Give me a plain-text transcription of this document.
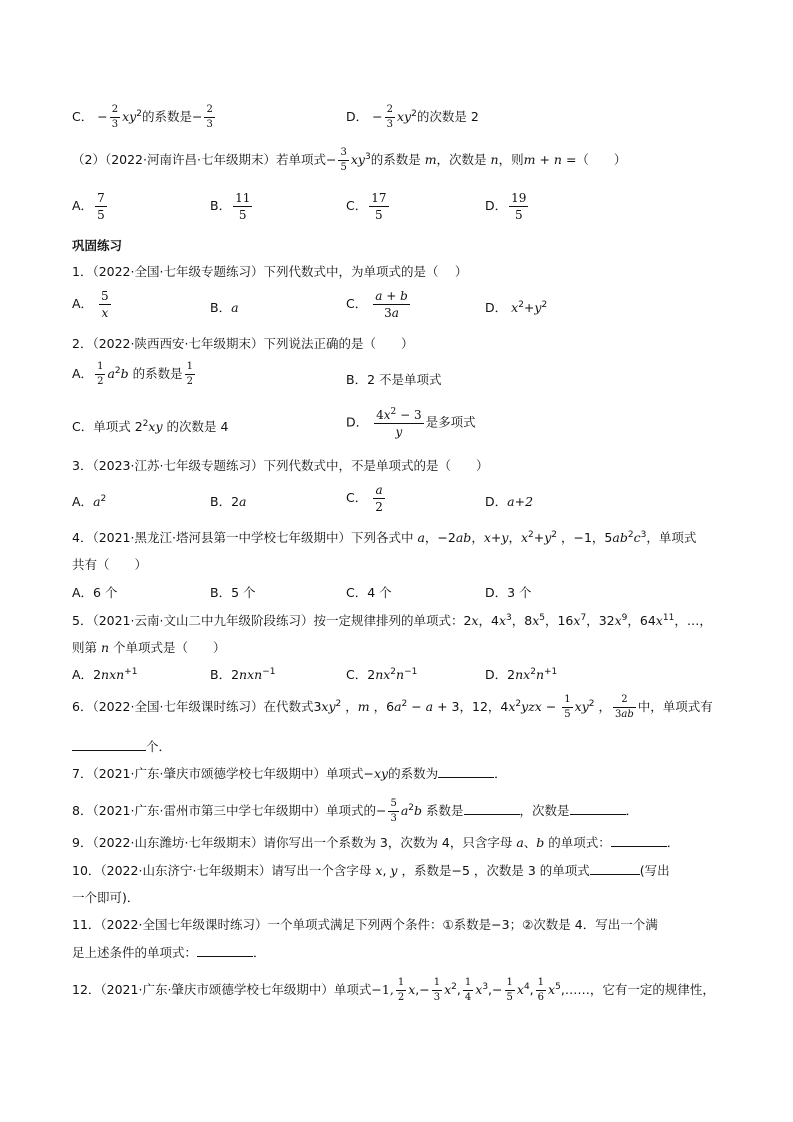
C． − $\frac{2}{3} xy^2$的系数是− $\frac{2}{3}$	D． − $\frac{2}{3} xy^2$的次数是 2
（2）（2022·河南许昌·七年级期末）若单项式− $\frac{3}{5} xy^3$的系数是 m，次数是 n，则m + n =（　　）
A． $\frac{7}{5}$	B． $\frac{11}{5}$	C． $\frac{17}{5}$	D． $\frac{19}{5}$
巩固练习
1．（2022·全国·七年级专题练习）下列代数式中，为单项式的是（　 ）
A． $\frac{5}{x}$	B．a	C． $\frac{a + b}{3a}$	D． $x^2+y^2$
2．（2022·陕西西安·七年级期末）下列说法正确的是（　　）
A． $\frac{1}{2} a^2b$ 的系数是 $\frac{1}{2}$	B．2 不是单项式
C．单项式 $2^2xy$ 的次数是 4	D． $\frac{4x^2 - 3}{y}$ 是多项式
3．（2023·江苏·七年级专题练习）下列代数式中，不是单项式的是（　　）
A．$a^2$	B．2a	C． $\frac{a}{2}$	D．a+2
4．（2021·黑龙江·塔河县第一中学校七年级期中）下列各式中 a，−2ab，x+y，$x^2+y^2$ ，−1，$5ab^2c^3$，单项式
共有（　　）
A．6 个	B．5 个	C．4 个	D．3 个
5．（2021·云南·文山二中九年级阶段练习）按一定规律排列的单项式：2x，$4x^3$，$8x^5$，$16x^7$，$32x^9$，$64x^{11}$，…，
则第 n 个单项式是（　　）
A．2nxn$^{+1}$	B．2nxn$^{-1}$	C．$2nx^2n^{-1}$	D．$2nx^2n^{+1}$
6．（2022·全国·七年级课时练习）在代数式$3xy^2$ ，m ，$6a^2 - a + 3$，12，$4x^2yzx - \frac{1}{5} xy^2$ ， $\frac{2}{3ab}$ 中，单项式有
个．
7．（2021·广东·肇庆市颂德学校七年级期中）单项式−xy的系数为	．
8．（2021·广东·雷州市第三中学七年级期中）单项式的− $\frac{5}{3} a^2b$ 系数是	，次数是	．
9．（2022·山东潍坊·七年级期末）请你写出一个系数为 3，次数为 4，只含字母 a、b 的单项式：	．
10．（2022·山东济宁·七年级期末）请写出一个含字母 x, y ，系数是−5 ，次数是 3 的单项式	(写出
一个即可)．
11．（2022·全国七年级课时练习）一个单项式满足下列两个条件：①系数是−3；②次数是 4．写出一个满
足上述条件的单项式：	．
12．（2021·广东·肇庆市颂德学校七年级期中）单项式−1, $\frac{1}{2} x,- \frac{1}{3} x^2$, $\frac{1}{4} x^3,- \frac{1}{5} x^4$, $\frac{1}{6}$ $x^5,\dots\dots$，它有一定的规律性，
